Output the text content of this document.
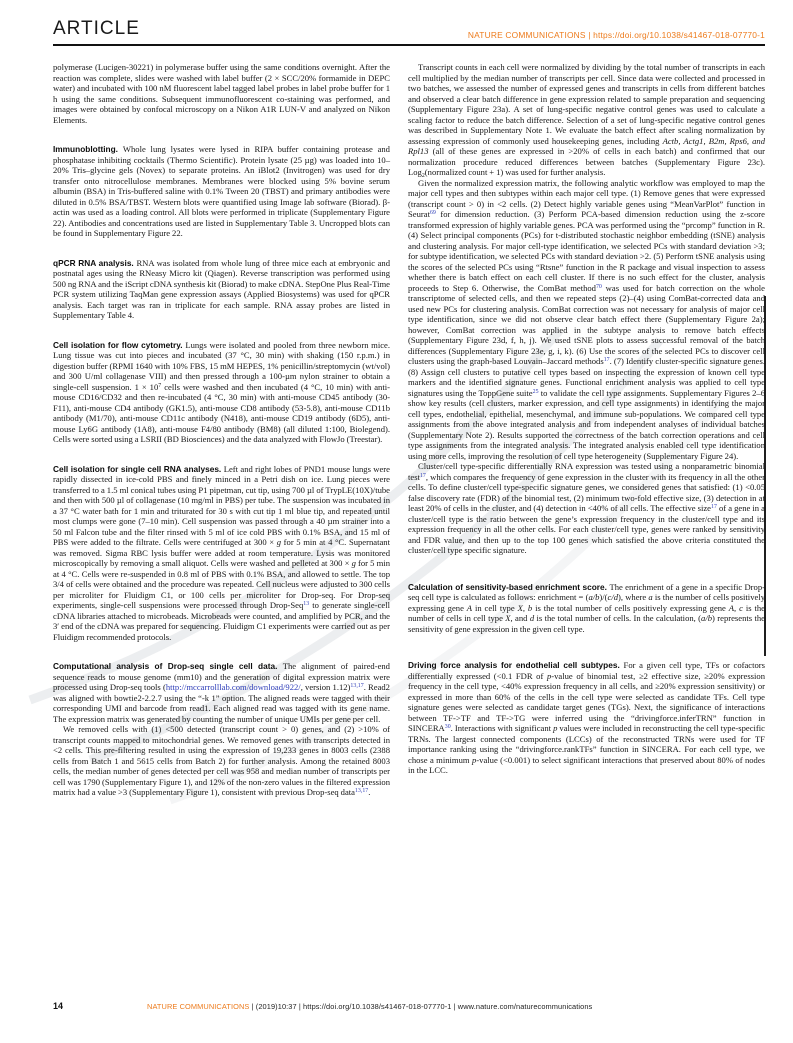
ARTICLE	NATURE COMMUNICATIONS | https://doi.org/10.1038/s41467-018-07770-1

polymerase (Lucigen-30221) in polymerase buffer using the same conditions overnight. After the reaction was complete, slides were washed with label buffer (2 × SCC/20% formamide in DEPC water) and incubated with 100 nM fluorescent label tagged label probes in label probe buffer for 1 h using the same conditions. Subsequent immunofluorescent co-staining was performed, and images were obtained by confocal microscopy on a Nikon A1R LUN-V and analyzed on Nikon Elements.

Immunoblotting. Whole lung lysates were lysed in RIPA buffer containing protease and phosphatase inhibiting cocktails (Thermo Scientific). Protein lysate (25 µg) was loaded into 10–20% Tris–glycine gels (Novex) to separate proteins. An iBlot2 (Invitrogen) was used for dry transfer onto nitrocellulose membranes. Membranes were blocked using 5% bovine serum albumin (BSA) in Tris-buffered saline with 0.1% Tween 20 (TBST) and primary antibodies were diluted in 0.5% BSA/TBST. Western blots were quantified using Image lab software (Biorad). β-actin was used as a loading control. All blots were performed in triplicate (Supplementary Figure 22). Antibodies and concentrations used are listed in Supplementary Table 3. Uncropped blots can be found in Supplementary Figure 22.

qPCR RNA analysis. RNA was isolated from whole lung of three mice each at embryonic and postnatal ages using the RNeasy Micro kit (Qiagen). Reverse transcription was performed using 500 ng RNA and the iScript cDNA synthesis kit (Biorad) to make cDNA. StepOne Plus Real-Time PCR system utilizing TaqMan gene expression assays (Applied Biosystems) was used for qPCR analysis. Each target was ran in triplicate for each sample. RNA assay probes are listed in Supplementary Table 4.

Cell isolation for flow cytometry. Lungs were isolated and pooled from three newborn mice. Lung tissue was cut into pieces and incubated (37 °C, 30 min) with shaking (150 r.p.m.) in digestion buffer (RPMI 1640 with 10% FBS, 15 mM HEPES, 1% penicillin/streptomycin (wt/vol) and 300 U/ml collagenase VIII) and then pressed through a 100-µm nylon strainer to obtain a single-cell suspension. $1 \times 10^7$ cells were washed and then incubated (4 °C, 10 min) with anti-mouse CD16/CD32 and then re-incubated (4 °C, 30 min) with anti-mouse CD45 antibody (30-F11), anti-mouse CD4 antibody (GK1.5), anti-mouse CD8 antibody (53-5.8), anti-mouse CD11b antibody (M1/70), anti-mouse CD11c antibody (N418), anti-mouse CD19 antibody (6D5), anti-mouse Ly6G antibody (1A8), anti-mouse F4/80 antibody (BM8) (all diluted 1:100, Biolegend). Cells were sorted using a LSRII (BD Biosciences) and the data analyzed with FlowJo (Treestar).

Cell isolation for single cell RNA analyses. Left and right lobes of PND1 mouse lungs were rapidly dissected in ice-cold PBS and finely minced in a Petri dish on ice. Lung pieces were transferred to a 1.5 ml conical tubes using P1 pipetman, cut tip, using 700 µl of TrypLE(10X)/tube and then with 500 µl of collagenase (10 mg/ml in PBS) per tube. The suspension was incubated in a 37 °C water bath for 1 min and triturated for 30 s with cut tip 1 ml blue tip, and repeated until most clumps were gone (7–10 min). Cell suspension was passed through a 40 µm strainer into a 50 ml Falcon tube and the filter rinsed with 5 ml of ice cold PBS with 0.1% BSA, and 15 ml of PBS were added to the filtrate. Cells were centrifuged at 300 × g for 5 min at 4 °C. Supernatant was removed. Sigma RBC lysis buffer were added at room temperature. Lysis was monitored microscopically by removing a small aliquot. Cells were washed and pelleted at 300 × g for 5 min at 4 °C. Cells were re-suspended in 0.8 ml of PBS with 0.1% BSA, and allowed to settle. The top 3/4 of cells were obtained and the procedure was repeated. Cell nucleus were adjusted to 300 cells per microliter for Fluidigm C1, or 100 cells per microliter for Drop-seq. For Drop-seq experiments, single-cell suspensions were processed through Drop-Seq$^{13}$ to generate single-cell cDNA libraries attached to microbeads. Microbeads were counted, and amplified by PCR, and the 3′ end of the cDNA was prepared for sequencing. Fluidigm C1 experiments were carried out as per Fluidigm recommended protocols.

Computational analysis of Drop-seq single cell data. The alignment of paired-end sequence reads to mouse genome (mm10) and the generation of digital expression matrix were processed using Drop-seq tools (http://mccarrolllab.com/download/922/, version 1.12)$^{13,17}$. Read2 was aligned with bowtie2-2.2.7 using the “-k 1” option. The aligned reads were tagged with their corresponding UMI and barcode from read1. Each aligned read was tagged with its gene name. The expression matrix was generated by counting the number of unique UMIs per gene per cell.

We removed cells with (1) <500 detected (transcript count > 0) genes, and (2) >10% of transcript counts mapped to mitochondrial genes. We removed genes with transcripts detected in <2 cells. This pre-filtering resulted in using the expression of 19,233 genes in 8003 cells (2388 cells from Batch 1 and 5615 cells from Batch 2) for further analysis. Among the retained 8003 cells, the median number of genes detected per cell was 958 and median number of transcripts per cell was 1790 (Supplementary Figure 1), and 12% of the non-zero values in the filtered expression matrix had a value >3 (Supplementary Figure 1), consistent with previous Drop-seq data$^{13,17}$.

Transcript counts in each cell were normalized by dividing by the total number of transcripts in each cell multiplied by the median number of transcripts per cell. Since data were collected and processed in two batches, we assessed the number of expressed genes and transcripts in cells from different batches and observed a clear batch difference in gene expression related to sample preparation and sequencing (Supplementary Figure 23a). A set of lung-specific negative control genes was used to calculate a scaling factor to reduce the batch difference. Selection of a set of lung-specific negative control genes was described in Supplementary Note 1. We evaluate the batch effect after scaling normalization by assessing expression of commonly used housekeeping genes, including Actb, Actg1, B2m, Rps6, and Rpl13 (all of these genes are expressed in >20% of cells in each batch) and confirmed that our normalization procedure reduced differences between batches (Supplementary Figure 23c). Log$_2$(normalized count + 1) was used for further analysis.

Given the normalized expression matrix, the following analytic workflow was employed to map the major cell types and then subtypes within each major cell type. (1) Remove genes that were expressed (transcript count > 0) in <2 cells. (2) Detect highly variable genes using “MeanVarPlot” function in Seurat$^{69}$ for dimension reduction. (3) Perform PCA-based dimension reduction using the z-score transformed expression of highly variable genes. PCA was performed using the “prcomp” function in R. (4) Select principal components (PCs) for t-distributed stochastic neighbor embedding (tSNE) analysis and clustering analysis. For major cell-type identification, we selected PCs with standard deviation >3; for subtype identification, we selected PCs with standard deviation >2. (5) Perform tSNE analysis using the scores of the selected PCs using “Rtsne” function in the R package and visual inspection to assess whether there is batch effect on each cell cluster. If there is no such effect for the cluster, analysis proceeds to Step 6. Otherwise, the ComBat method$^{70}$ was used for batch correction on the whole transcriptome of selected cells, and then we repeated steps (2)–(4) using ComBat-corrected data and used new PCs for clustering analysis. ComBat correction was not necessary for analysis of major cell type identification, since we did not observe clear batch effect there (Supplementary Figure 2a); however, ComBat correction was applied in the subtype analysis to remove batch effects (Supplementary Figure 23d, f, h, j). We used tSNE plots to assess successful removal of the batch differences (Supplementary Figure 23e, g, i, k). (6) Use the scores of the selected PCs to discover cell clusters using the graph-based Louvain–Jaccard methods$^{17}$. (7) Identify cluster-specific signature genes. (8) Assign cell clusters to putative cell types based on inspecting the expression of known cell type markers and the identified signature genes. Functional enrichment analysis was applied to cell type signatures using the ToppGene suite$^{25}$ to validate the cell type assignments. Supplementary Figures 2–6 show key results (cell clusters, marker expression, and cell type assignments) in identifying the major cell types, endothelial, epithelial, mesenchymal, and immune sub-populations. We compared cell type assignments from the above integrated analysis and from independent analyses of individual batches (Supplementary Note 2). Results supported the correctness of the batch correction operations and cell type assignments from the integrated analysis. The integrated analysis enabled cell type identification using more cells, improving the resolution of cell type heterogeneity (Supplementary Figure 24).

Cluster/cell type-specific differentially RNA expression was tested using a nonparametric binomial test$^{17}$, which compares the frequency of gene expression in the cluster with its frequency in all the other cells. To define cluster/cell type-specific signature genes, we considered genes that satisfied: (1) <0.05 false discovery rate (FDR) of the binomial test, (2) minimum two-fold effective size, (3) detection in at least 20% of cells in the cluster, and (4) detection in <40% of all cells. The effective size$^{17}$ of a gene in a cluster/cell type is the ratio between the gene’s expression frequency in the cluster/cell type and its expression frequency in all the other cells. For each cluster/cell type, genes were ranked by sensitivity and FDR value, and then up to the top 100 genes which satisfied the above criteria constituted the cluster/cell type specific signature.

Calculation of sensitivity-based enrichment score. The enrichment of a gene in a specific Drop-seq cell type is calculated as follows: enrichment = (a/b)/(c/d), where a is the number of cells positively expressing gene A in cell type X, b is the total number of cells positively expressing gene A, c is the number of cells in cell type X, and d is the total number of cells. In the calculation, (a/b) represents the sensitivity of gene expression in the given cell type.

Driving force analysis for endothelial cell subtypes. For a given cell type, TFs or cofactors differentially expressed (<0.1 FDR of p-value of binomial test, ≥2 effective size, ≥20% expression frequency in the cell type, <40% expression frequency in all cells, and ≥20% expression sensitivity) or expressed in more than 60% of the cells in the cell type were selected as candidate TFs. Cell type signature genes were selected as candidate target genes (TGs). Next, the significance of interactions between TF->TF and TF->TG were inferred using the “drivingforce.inferTRN” function in SINCERA$^{30}$. Interactions with significant p values were included in reconstructing the cell type-specific TRNs. The largest connected components (LCCs) of the reconstructed TRNs were used for TF importance ranking using the “drivingforce.rankTFs” function in SINCERA. For each cell type, we chose a minimum p-value (<0.001) to select significant interactions that preserved about 80% of nodes in the LCC.

14	NATURE COMMUNICATIONS | (2019)10:37 | https://doi.org/10.1038/s41467-018-07770-1 | www.nature.com/naturecommunications
